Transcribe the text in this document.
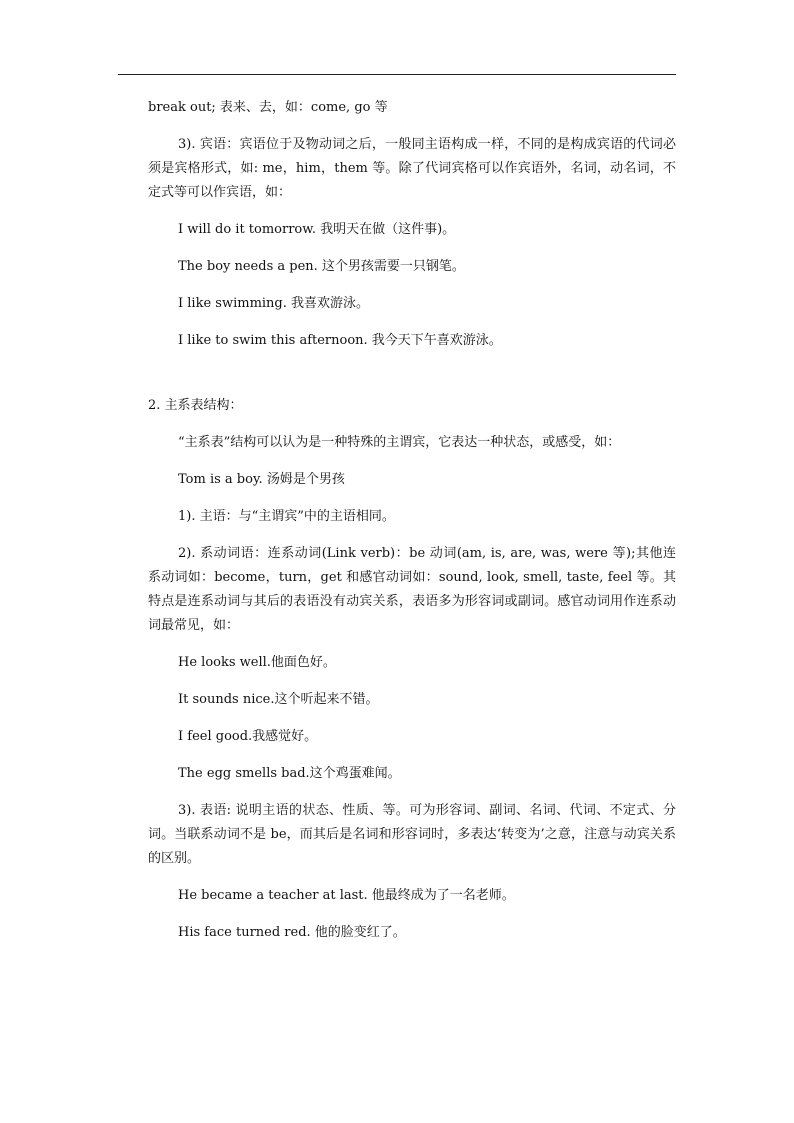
break out; 表来、去，如：come, go 等

3). 宾语：宾语位于及物动词之后，一般同主语构成一样，不同的是构成宾语的代词必须是宾格形式，如: me，him，them 等。除了代词宾格可以作宾语外，名词，动名词，不定式等可以作宾语，如：

I will do it tomorrow. 我明天在做（这件事)。

The boy needs a pen. 这个男孩需要一只钢笔。

I like swimming. 我喜欢游泳。

I like to swim this afternoon. 我今天下午喜欢游泳。

2. 主系表结构：

“主系表”结构可以认为是一种特殊的主谓宾，它表达一种状态，或感受，如：

Tom is a boy. 汤姆是个男孩

1). 主语：与“主谓宾”中的主语相同。

2). 系动词语：连系动词(Link verb)：be 动词(am, is, are, was, were 等);其他连系动词如：become，turn，get 和感官动词如：sound, look, smell, taste, feel 等。其特点是连系动词与其后的表语没有动宾关系，表语多为形容词或副词。感官动词用作连系动词最常见，如：

He looks well.他面色好。

It sounds nice.这个听起来不错。

I feel good.我感觉好。

The egg smells bad.这个鸡蛋难闻。

3). 表语: 说明主语的状态、性质、等。可为形容词、副词、名词、代词、不定式、分词。当联系动词不是 be，而其后是名词和形容词时，多表达‘转变为’之意，注意与动宾关系的区别。

He became a teacher at last. 他最终成为了一名老师。

His face turned red. 他的脸变红了。
